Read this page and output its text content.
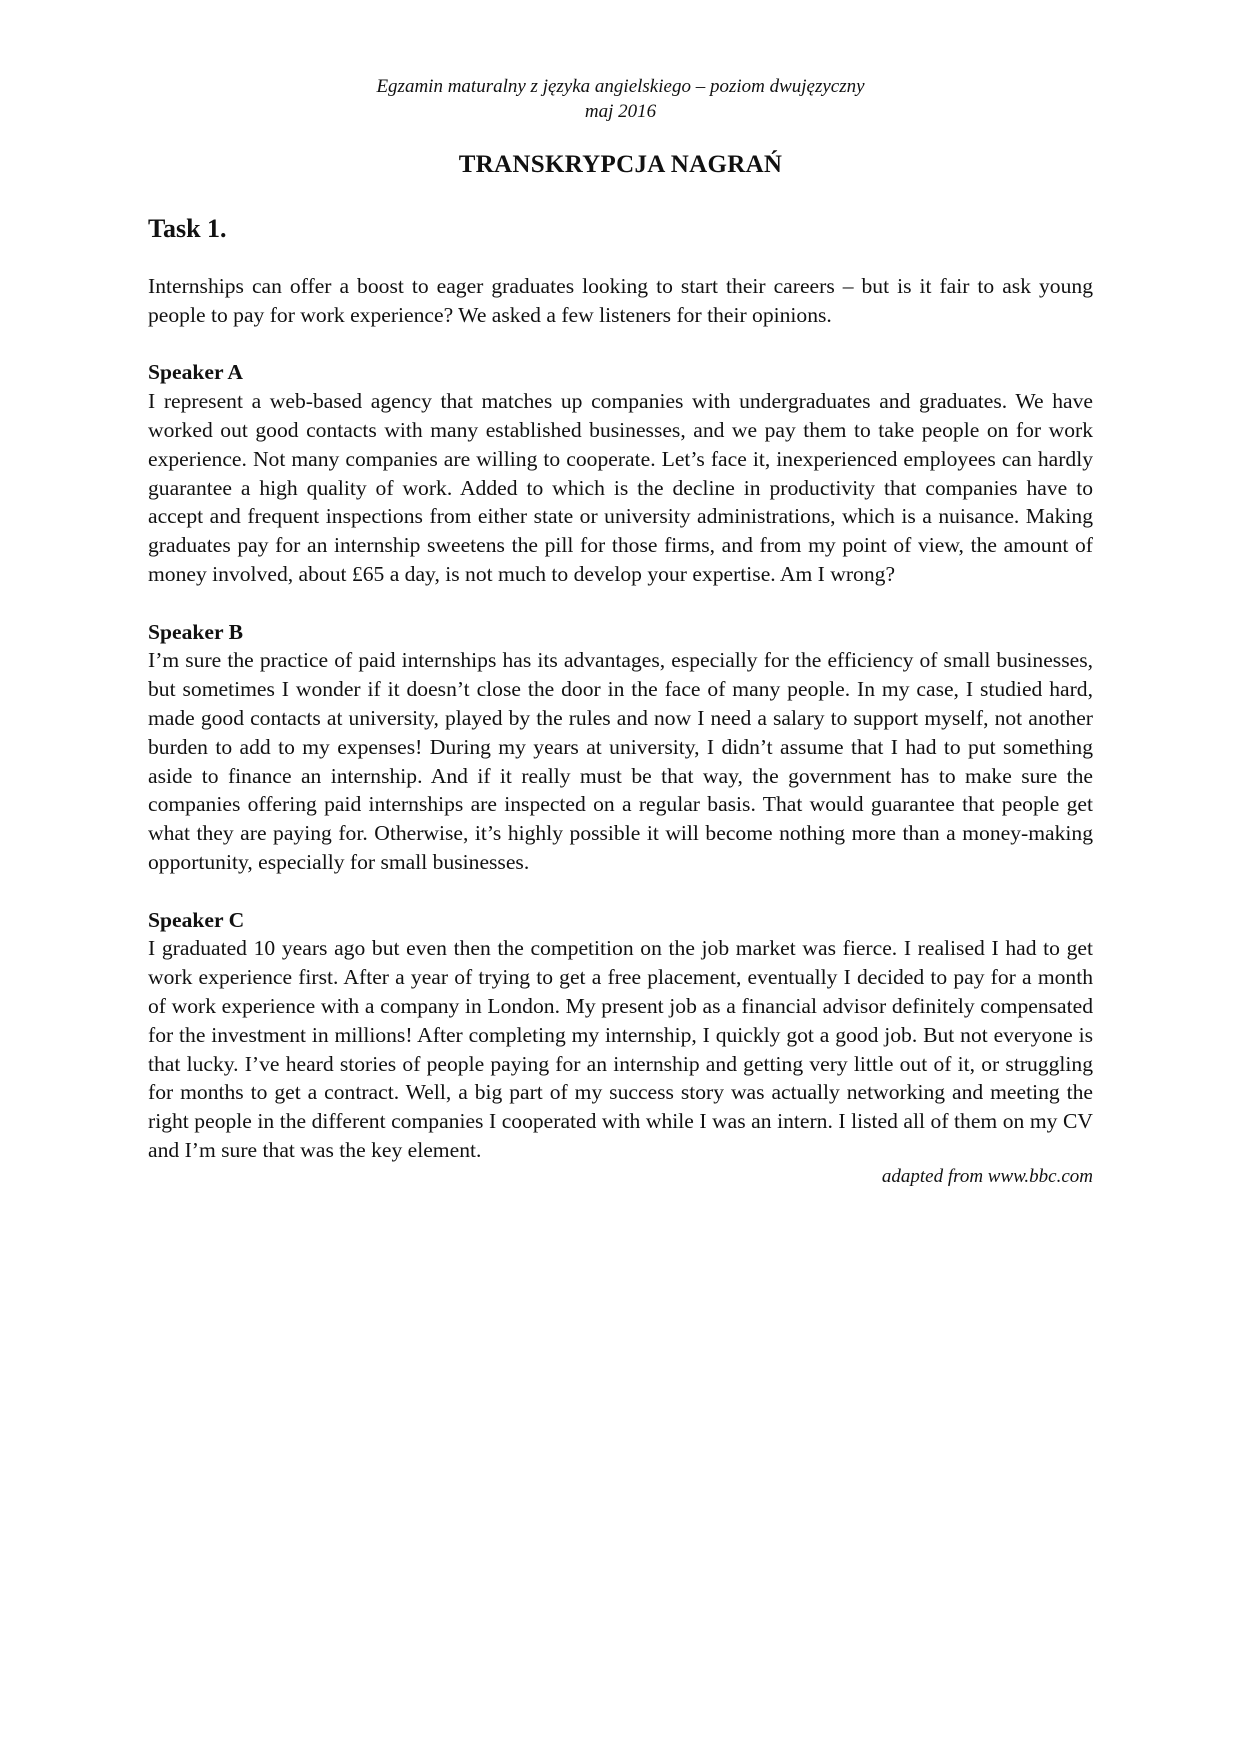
Egzamin maturalny z języka angielskiego – poziom dwujęzyczny
maj 2016
TRANSKRYPCJA NAGRAŃ
Task 1.

Internships can offer a boost to eager graduates looking to start their careers – but is it fair to ask young people to pay for work experience? We asked a few listeners for their opinions.

Speaker A

I represent a web-based agency that matches up companies with undergraduates and graduates. We have worked out good contacts with many established businesses, and we pay them to take people on for work experience. Not many companies are willing to cooperate. Let’s face it, inexperienced employees can hardly guarantee a high quality of work. Added to which is the decline in productivity that companies have to accept and frequent inspections from either state or university administrations, which is a nuisance. Making graduates pay for an internship sweetens the pill for those firms, and from my point of view, the amount of money involved, about £65 a day, is not much to develop your expertise. Am I wrong?

Speaker B

I’m sure the practice of paid internships has its advantages, especially for the efficiency of small businesses, but sometimes I wonder if it doesn’t close the door in the face of many people. In my case, I studied hard, made good contacts at university, played by the rules and now I need a salary to support myself, not another burden to add to my expenses! During my years at university, I didn’t assume that I had to put something aside to finance an internship. And if it really must be that way, the government has to make sure the companies offering paid internships are inspected on a regular basis. That would guarantee that people get what they are paying for. Otherwise, it’s highly possible it will become nothing more than a money-making opportunity, especially for small businesses.

Speaker C

I graduated 10 years ago but even then the competition on the job market was fierce. I realised I had to get work experience first. After a year of trying to get a free placement, eventually I decided to pay for a month of work experience with a company in London. My present job as a financial advisor definitely compensated for the investment in millions! After completing my internship, I quickly got a good job. But not everyone is that lucky. I’ve heard stories of people paying for an internship and getting very little out of it, or struggling for months to get a contract. Well, a big part of my success story was actually networking and meeting the right people in the different companies I cooperated with while I was an intern. I listed all of them on my CV and I’m sure that was the key element.

adapted from www.bbc.com
